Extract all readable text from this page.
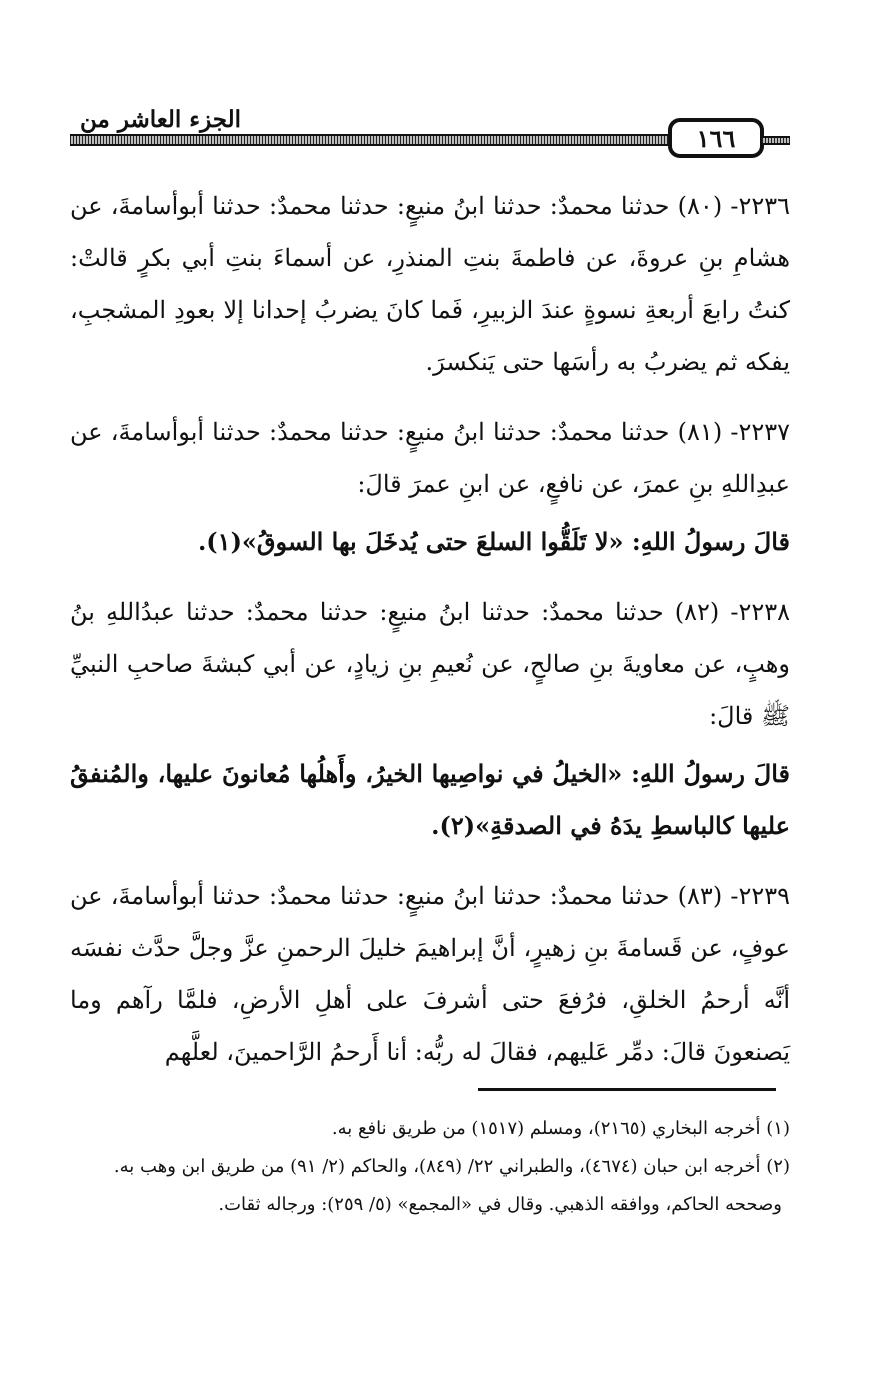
الجزء العاشر من
١٦٦

٢٢٣٦- (٨٠) حدثنا محمدٌ: حدثنا ابنُ منيعٍ: حدثنا محمدٌ: حدثنا أبوأسامةَ، عن هشامِ بنِ عروةَ، عن فاطمةَ بنتِ المنذرِ، عن أسماءَ بنتِ أبي بكرٍ قالتْ: كنتُ رابعَ أربعةِ نسوةٍ عندَ الزبيرِ، فَما كانَ يضربُ إحدانا إلا بعودِ المشجبِ، يفكه ثم يضربُ به رأسَها حتى يَنكسرَ.

٢٢٣٧- (٨١) حدثنا محمدٌ: حدثنا ابنُ منيعٍ: حدثنا محمدٌ: حدثنا أبوأسامةَ، عن عبدِاللهِ بنِ عمرَ، عن نافعٍ، عن ابنِ عمرَ قالَ:

قالَ رسولُ اللهِ: «لا تَلَقُّوا السلعَ حتى يُدخَلَ بها السوقُ»(١).

٢٢٣٨- (٨٢) حدثنا محمدٌ: حدثنا ابنُ منيعٍ: حدثنا محمدٌ: حدثنا عبدُاللهِ بنُ وهبٍ، عن معاويةَ بنِ صالحٍ، عن نُعيمِ بنِ زيادٍ، عن أبي كبشةَ صاحبِ النبيِّ ﷺ قالَ:

قالَ رسولُ اللهِ: «الخيلُ في نواصِيها الخيرُ، وأَهلُها مُعانونَ عليها، والمُنفقُ عليها كالباسطِ يدَهُ في الصدقةِ»(٢).

٢٢٣٩- (٨٣) حدثنا محمدٌ: حدثنا ابنُ منيعٍ: حدثنا محمدٌ: حدثنا أبوأسامةَ، عن عوفٍ، عن قَسامةَ بنِ زهيرٍ، أنَّ إبراهيمَ خليلَ الرحمنِ عزَّ وجلَّ حدَّث نفسَه أنَّه أرحمُ الخلقِ، فرُفعَ حتى أشرفَ على أهلِ الأرضِ، فلمَّا رآهم وما يَصنعونَ قالَ: دمِّر عَليهم، فقالَ له ربُّه: أنا أَرحمُ الرَّاحمينَ، لعلَّهم

(١) أخرجه البخاري (٢١٦٥)، ومسلم (١٥١٧) من طريق نافع به.

(٢) أخرجه ابن حبان (٤٦٧٤)، والطبراني ٢٢/ (٨٤٩)، والحاكم (٢/ ٩١) من طريق ابن وهب به.

وصححه الحاكم، ووافقه الذهبي. وقال في «المجمع» (٥/ ٢٥٩): ورجاله ثقات.
